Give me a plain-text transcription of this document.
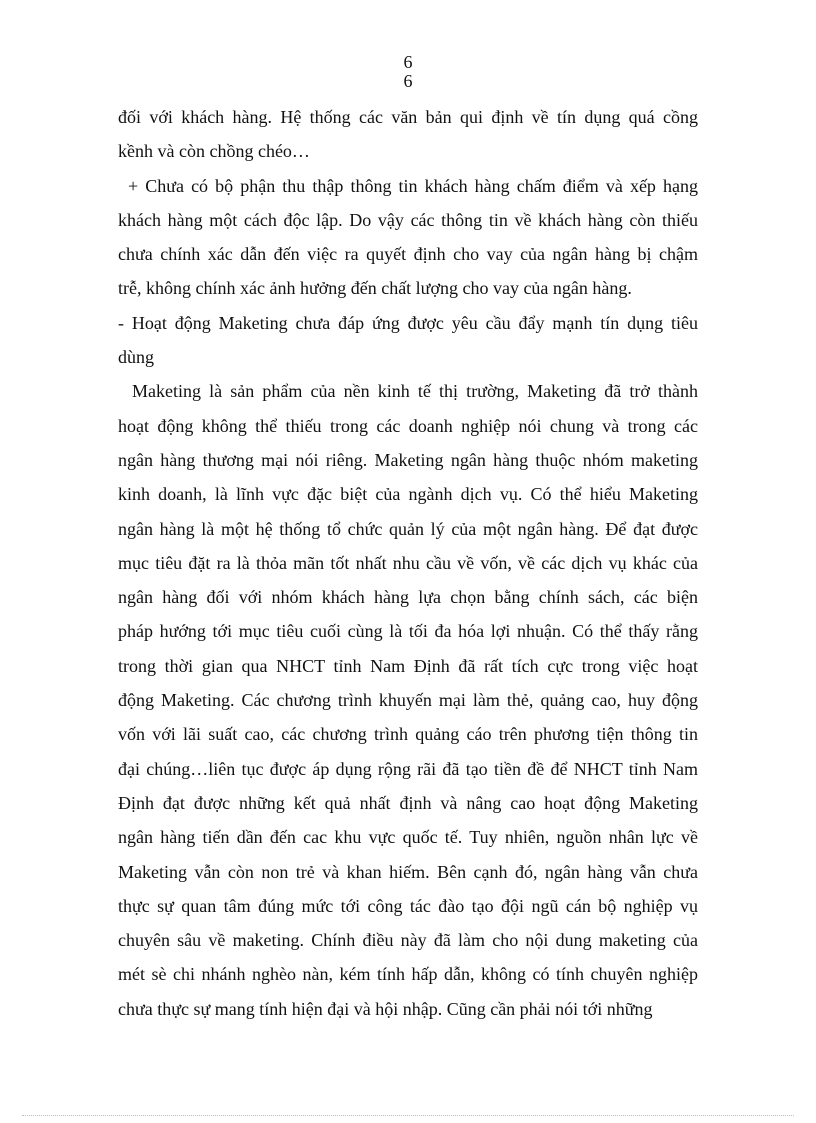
6
6
đối với khách hàng. Hệ thống các văn bản qui định về tín dụng quá cồng
kềnh và còn chồng chéo…
+ Chưa có bộ phận thu thập thông tin khách hàng chấm điểm và xếp hạng
khách hàng một cách độc lập. Do vậy các thông tin về khách hàng còn thiếu
chưa chính xác dẫn đến việc ra quyết định cho vay của ngân hàng bị chậm
trễ, không chính xác ảnh hưởng đến chất lượng cho vay của ngân hàng.
- Hoạt động Maketing chưa đáp ứng được yêu cầu đẩy mạnh tín dụng tiêu
dùng
Maketing là sản phẩm của nền kinh tế thị trường, Maketing đã trở thành
hoạt động không thể thiếu trong các doanh nghiệp nói chung và trong các
ngân hàng thương mại nói riêng. Maketing ngân hàng thuộc nhóm maketing
kinh doanh, là lĩnh vực đặc biệt của ngành dịch vụ. Có thể hiểu Maketing
ngân hàng là một hệ thống tổ chức quản lý của một ngân hàng. Để đạt được
mục tiêu đặt ra là thỏa mãn tốt nhất nhu cầu về vốn, về các dịch vụ khác của
ngân hàng đối với nhóm khách hàng lựa chọn bằng chính sách, các biện
pháp hướng tới mục tiêu cuối cùng là tối đa hóa lợi nhuận. Có thể thấy rằng
trong thời gian qua NHCT tỉnh Nam Định đã rất tích cực trong việc hoạt
động Maketing. Các chương trình khuyến mại làm thẻ, quảng cao, huy động
vốn với lãi suất cao, các chương trình quảng cáo trên phương tiện thông tin
đại chúng…liên tục được áp dụng rộng rãi đã tạo tiền đề để NHCT tỉnh Nam
Định đạt được những kết quả nhất định và nâng cao hoạt động Maketing
ngân hàng tiến dần đến cac khu vực quốc tế. Tuy nhiên, nguồn nhân lực về
Maketing vẫn còn non trẻ và khan hiếm. Bên cạnh đó, ngân hàng vẫn chưa
thực sự quan tâm đúng mức tới công tác đào tạo đội ngũ cán bộ nghiệp vụ
chuyên sâu về maketing. Chính điều này đã làm cho nội dung maketing của
mét sè chi nhánh nghèo nàn, kém tính hấp dẫn, không có tính chuyên nghiệp
chưa thực sự mang tính hiện đại và hội nhập. Cũng cần phải nói tới những
